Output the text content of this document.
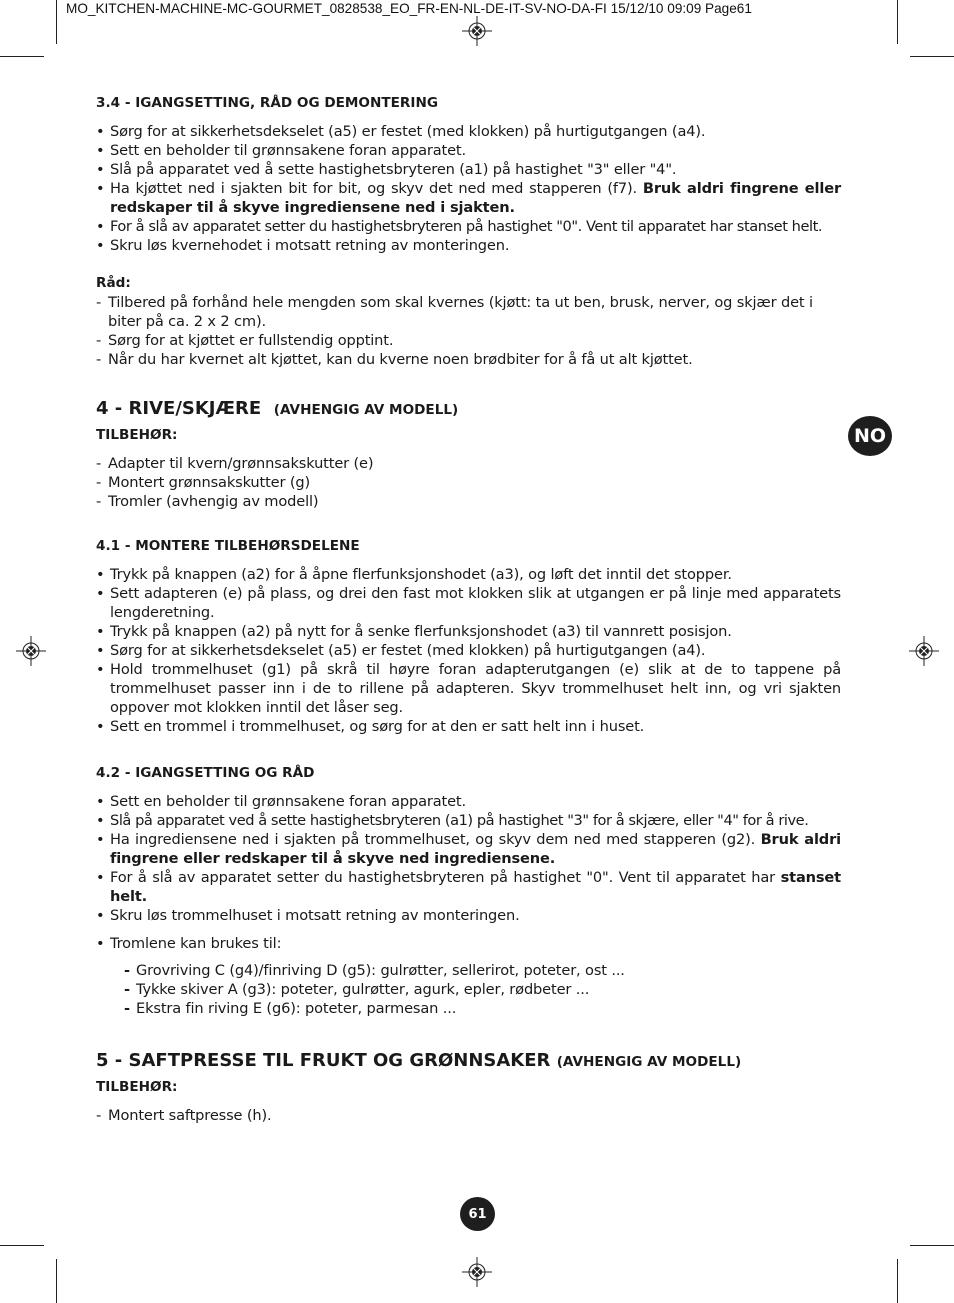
MO_KITCHEN-MACHINE-MC-GOURMET_0828538_EO_FR-EN-NL-DE-IT-SV-NO-DA-FI 15/12/10 09:09 Page61
NO

3.4 - IGANGSETTING, RÅD OG DEMONTERING

• Sørg for at sikkerhetsdekselet (a5) er festet (med klokken) på hurtigutgangen (a4).
• Sett en beholder til grønnsakene foran apparatet.
• Slå på apparatet ved å sette hastighetsbryteren (a1) på hastighet "3" eller "4".
• Ha kjøttet ned i sjakten bit for bit, og skyv det ned med stapperen (f7). Bruk aldri fingrene eller redskaper til å skyve ingrediensene ned i sjakten.
• For å slå av apparatet setter du hastighetsbryteren på hastighet "0". Vent til apparatet har stanset helt.
• Skru løs kvernehodet i motsatt retning av monteringen.

Råd:

- Tilbered på forhånd hele mengden som skal kvernes (kjøtt: ta ut ben, brusk, nerver, og skjær det i biter på ca. 2 x 2 cm).
- Sørg for at kjøttet er fullstendig opptint.
- Når du har kvernet alt kjøttet, kan du kverne noen brødbiter for å få ut alt kjøttet.

4 - RIVE/SKJÆRE (AVHENGIG AV MODELL)

TILBEHØR:

- Adapter til kvern/grønnsakskutter (e)
- Montert grønnsakskutter (g)
- Tromler (avhengig av modell)

4.1 - MONTERE TILBEHØRSDELENE

• Trykk på knappen (a2) for å åpne flerfunksjonshodet (a3), og løft det inntil det stopper.
• Sett adapteren (e) på plass, og drei den fast mot klokken slik at utgangen er på linje med apparatets lengderetning.
• Trykk på knappen (a2) på nytt for å senke flerfunksjonshodet (a3) til vannrett posisjon.
• Sørg for at sikkerhetsdekselet (a5) er festet (med klokken) på hurtigutgangen (a4).
• Hold trommelhuset (g1) på skrå til høyre foran adapterutgangen (e) slik at de to tappene på trommelhuset passer inn i de to rillene på adapteren. Skyv trommelhuset helt inn, og vri sjakten oppover mot klokken inntil det låser seg.
• Sett en trommel i trommelhuset, og sørg for at den er satt helt inn i huset.

4.2 - IGANGSETTING OG RÅD

• Sett en beholder til grønnsakene foran apparatet.
• Slå på apparatet ved å sette hastighetsbryteren (a1) på hastighet "3" for å skjære, eller "4" for å rive.
• Ha ingrediensene ned i sjakten på trommelhuset, og skyv dem ned med stapperen (g2). Bruk aldri fingrene eller redskaper til å skyve ned ingrediensene.
• For å slå av apparatet setter du hastighetsbryteren på hastighet "0". Vent til apparatet har stanset helt.
• Skru løs trommelhuset i motsatt retning av monteringen.
• Tromlene kan brukes til:
- Grovriving C (g4)/finriving D (g5): gulrøtter, sellerirot, poteter, ost ...
- Tykke skiver A (g3): poteter, gulrøtter, agurk, epler, rødbeter ...
- Ekstra fin riving E (g6): poteter, parmesan ...

5 - SAFTPRESSE TIL FRUKT OG GRØNNSAKER (AVHENGIG AV MODELL)

TILBEHØR:

- Montert saftpresse (h).
61
